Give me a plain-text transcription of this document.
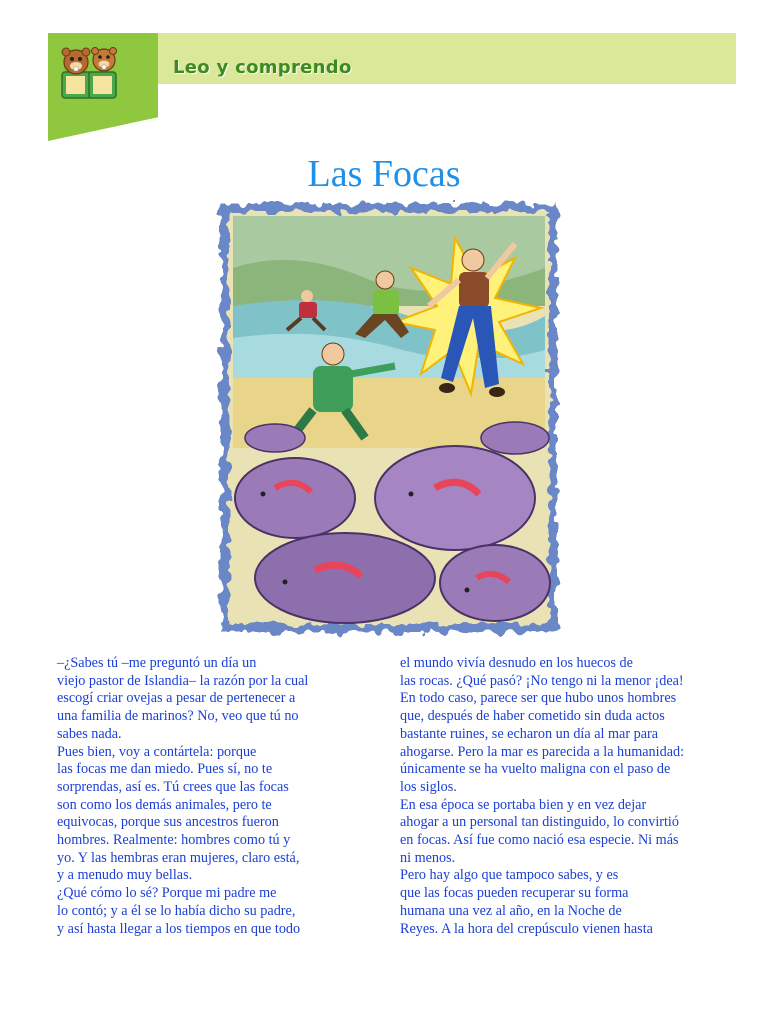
Leo y comprendo
Las Focas
–¿Sabes tú –me preguntó un día un
viejo pastor de Islandia– la razón por la cual
escogí criar ovejas a pesar de pertenecer a
una familia de marinos? No, veo que tú no
sabes nada.
Pues bien, voy a contártela: porque
las focas me dan miedo. Pues sí, no te
sorprendas, así es. Tú crees que las focas
son como los demás animales, pero te
equivocas, porque sus ancestros fueron
hombres. Realmente: hombres como tú y
yo. Y las hembras eran mujeres, claro está,
y a menudo muy bellas.
¿Qué cómo lo sé? Porque mi padre me
lo contó; y a él se lo había dicho su padre,
y así hasta llegar a los tiempos en que todo
el mundo vivía desnudo en los huecos de
las rocas. ¿Qué pasó? ¡No tengo ni la menor ¡dea!
En todo caso, parece ser que hubo unos hombres
que, después de haber cometido sin duda actos
bastante ruines, se echaron un día al mar para
ahogarse. Pero la mar es parecida a la humanidad:
únicamente se ha vuelto maligna con el paso de
los siglos.
En esa época se portaba bien y en vez dejar
ahogar a un personal tan distinguido, lo convirtió
en focas. Así fue como nació esa especie. Ni más
ni menos.
Pero hay algo que tampoco sabes, y es
que las focas pueden recuperar su forma
humana una vez al año, en la Noche de
Reyes. A la hora del crepúsculo vienen hasta
